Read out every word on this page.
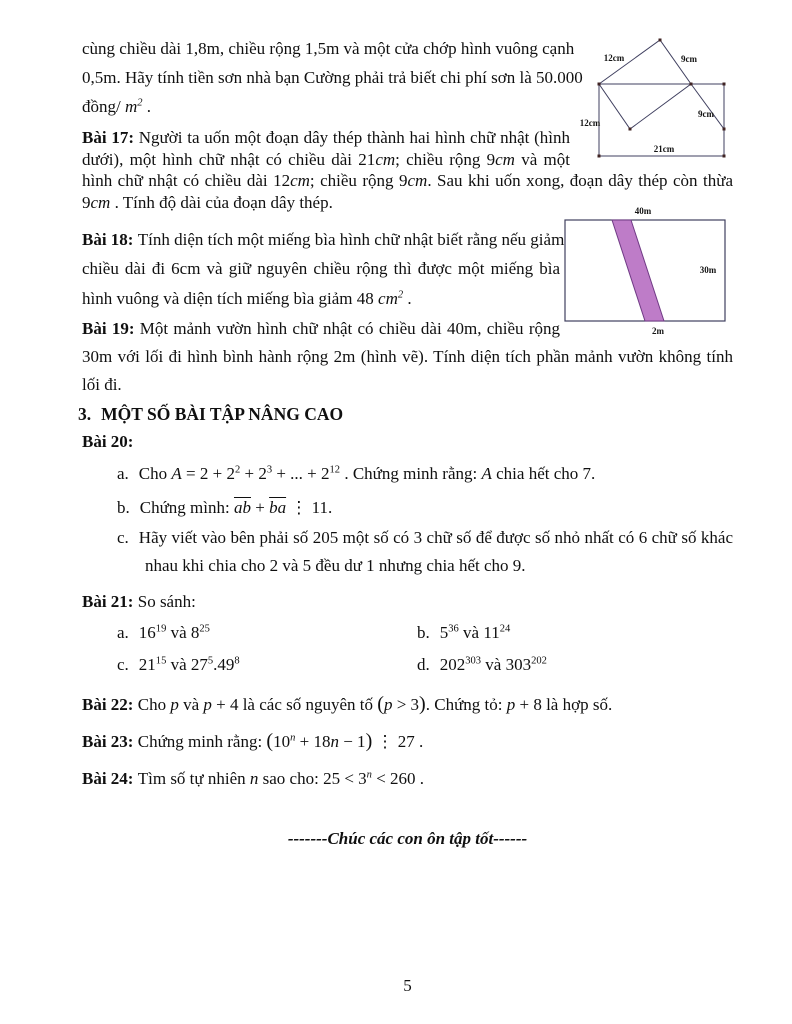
cùng chiều dài 1,8m, chiều rộng 1,5m và một cửa chớp hình vuông cạnh
0,5m. Hãy tính tiền sơn nhà bạn Cường phải trả biết chi phí sơn là 50.000
đồng/ $m^2$ .
Bài 17: Người ta uốn một đoạn dây thép thành hai hình chữ nhật (hình
dưới), một hình chữ nhật có chiều dài 21cm; chiều rộng 9cm và một
hình chữ nhật có chiều dài 12cm; chiều rộng 9cm. Sau khi uốn xong, đoạn dây thép còn thừa
9cm . Tính độ dài của đoạn dây thép.
Bài 18: Tính diện tích một miếng bìa hình chữ nhật biết rằng nếu giảm
chiều dài đi 6cm và giữ nguyên chiều rộng thì được một miếng bìa
hình vuông và diện tích miếng bìa giảm 48 $cm^2$ .
Bài 19: Một mảnh vườn hình chữ nhật có chiều dài 40m, chiều rộng
30m với lối đi hình bình hành rộng 2m (hình vẽ). Tính diện tích phần mảnh vườn không tính
lối đi.
3. MỘT SỐ BÀI TẬP NÂNG CAO
Bài 20:
a. Cho $A = 2 + 2^2 + 2^3$ + ... + $2^{12}$ . Chứng minh rằng: A chia hết cho 7.
b. Chứng mình: $\overline{ab} + \overline{ba}$ ⋮ 11.
c. Hãy viết vào bên phải số 205 một số có 3 chữ số để được số nhỏ nhất có 6 chữ số khác
nhau khi chia cho 2 và 5 đều dư 1 nhưng chia hết cho 9.
Bài 21: So sánh:
a. $16^{19}$ và $8^{25}$	b. $5^{36}$ và $11^{24}$
c. $21^{15}$ và $27^5.49^8$	d. $202^{303}$ và $303^{202}$
Bài 22: Cho p và p + 4 là các số nguyên tố (p > 3). Chứng tỏ: p + 8 là hợp số.
Bài 23: Chứng minh rằng: $(10^n + 18n - 1)$ ⋮ 27 .
Bài 24: Tìm số tự nhiên n sao cho: $25 < 3^n < 260$ .
-------Chúc các con ôn tập tốt------
5
12cm	9cm
9cm
12cm
21cm
40m
30m
2m
